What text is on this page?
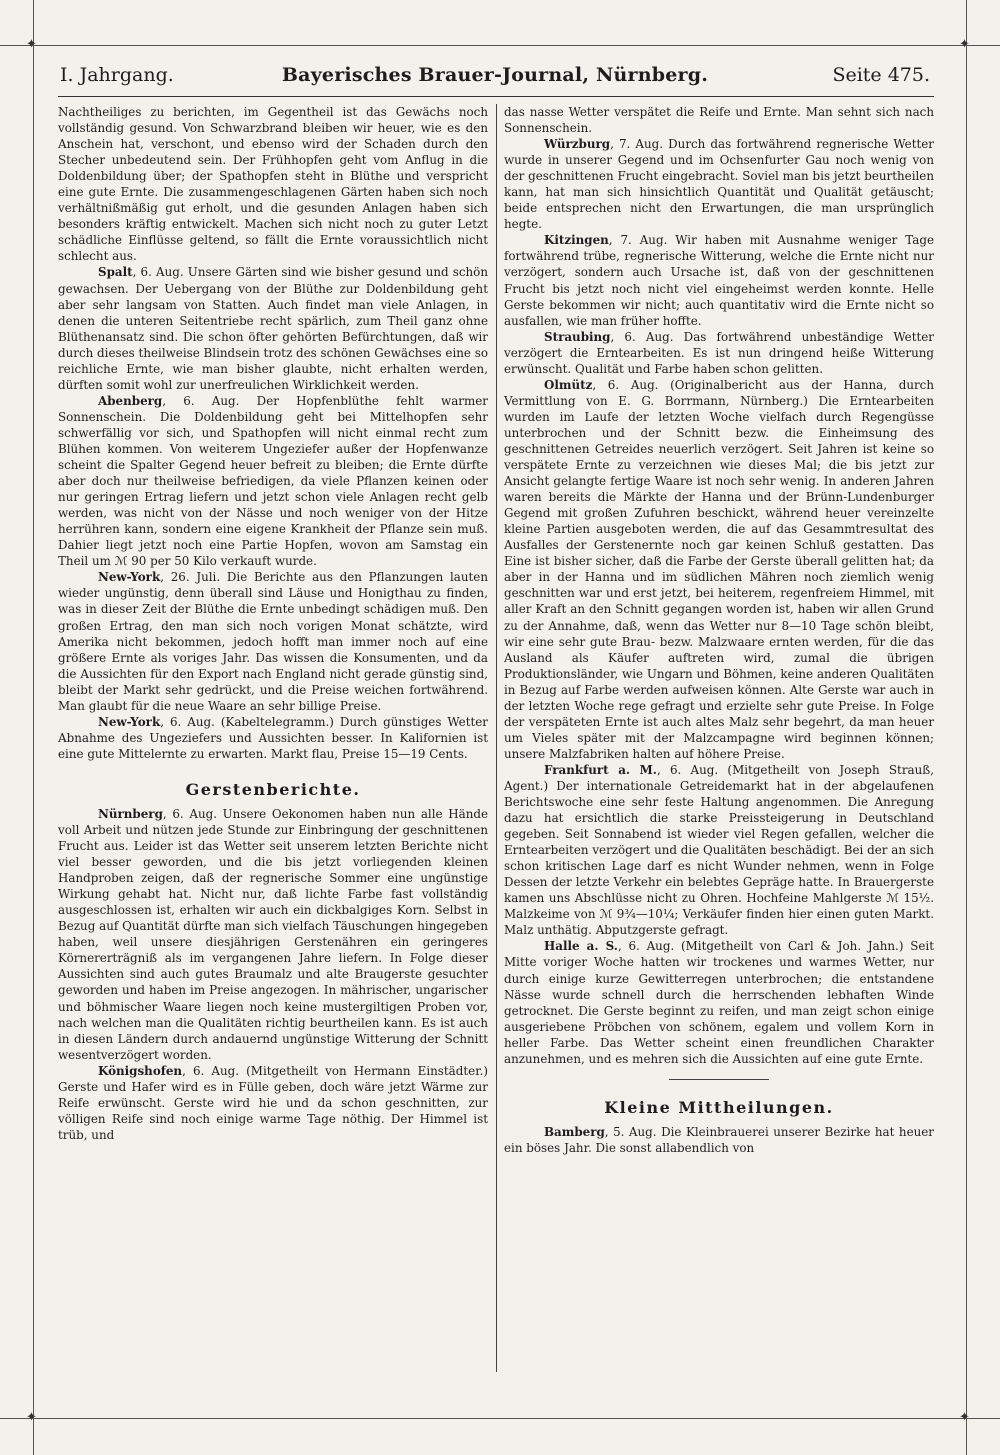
✦	✦
✦	✦
I. Jahrgang.	Bayerisches Brauer-Journal, Nürnberg.	Seite 475.

Nachtheiliges zu berichten, im Gegentheil ist das Gewächs noch vollständig gesund. Von Schwarzbrand bleiben wir heuer, wie es den Anschein hat, verschont, und ebenso wird der Schaden durch den Stecher unbedeutend sein. Der Frühhopfen geht vom Anflug in die Doldenbildung über; der Spathopfen steht in Blüthe und verspricht eine gute Ernte. Die zusammengeschlagenen Gärten haben sich noch verhältnißmäßig gut erholt, und die gesunden Anlagen haben sich besonders kräftig entwickelt. Machen sich nicht noch zu guter Letzt schädliche Einflüsse geltend, so fällt die Ernte voraussichtlich nicht schlecht aus.

Spalt, 6. Aug. Unsere Gärten sind wie bisher gesund und schön gewachsen. Der Uebergang von der Blüthe zur Doldenbildung geht aber sehr langsam von Statten. Auch findet man viele Anlagen, in denen die unteren Seitentriebe recht spärlich, zum Theil ganz ohne Blüthenansatz sind. Die schon öfter gehörten Befürchtungen, daß wir durch dieses theilweise Blindsein trotz des schönen Gewächses eine so reichliche Ernte, wie man bisher glaubte, nicht erhalten werden, dürften somit wohl zur unerfreulichen Wirklichkeit werden.

Abenberg, 6. Aug. Der Hopfenblüthe fehlt warmer Sonnenschein. Die Doldenbildung geht bei Mittelhopfen sehr schwerfällig vor sich, und Spathopfen will nicht einmal recht zum Blühen kommen. Von weiterem Ungeziefer außer der Hopfenwanze scheint die Spalter Gegend heuer befreit zu bleiben; die Ernte dürfte aber doch nur theilweise befriedigen, da viele Pflanzen keinen oder nur geringen Ertrag liefern und jetzt schon viele Anlagen recht gelb werden, was nicht von der Nässe und noch weniger von der Hitze herrühren kann, sondern eine eigene Krankheit der Pflanze sein muß. Dahier liegt jetzt noch eine Partie Hopfen, wovon am Samstag ein Theil um ℳ 90 per 50 Kilo verkauft wurde.

New-York, 26. Juli. Die Berichte aus den Pflanzungen lauten wieder ungünstig, denn überall sind Läuse und Honigthau zu finden, was in dieser Zeit der Blüthe die Ernte unbedingt schädigen muß. Den großen Ertrag, den man sich noch vorigen Monat schätzte, wird Amerika nicht bekommen, jedoch hofft man immer noch auf eine größere Ernte als voriges Jahr. Das wissen die Konsumenten, und da die Aussichten für den Export nach England nicht gerade günstig sind, bleibt der Markt sehr gedrückt, und die Preise weichen fortwährend. Man glaubt für die neue Waare an sehr billige Preise.

New-York, 6. Aug. (Kabeltelegramm.) Durch günstiges Wetter Abnahme des Ungeziefers und Aussichten besser. In Kalifornien ist eine gute Mittelernte zu erwarten. Markt flau, Preise 15—19 Cents.

Gerstenberichte.

Nürnberg, 6. Aug. Unsere Oekonomen haben nun alle Hände voll Arbeit und nützen jede Stunde zur Einbringung der geschnittenen Frucht aus. Leider ist das Wetter seit unserem letzten Berichte nicht viel besser geworden, und die bis jetzt vorliegenden kleinen Handproben zeigen, daß der regnerische Sommer eine ungünstige Wirkung gehabt hat. Nicht nur, daß lichte Farbe fast vollständig ausgeschlossen ist, erhalten wir auch ein dickbalgiges Korn. Selbst in Bezug auf Quantität dürfte man sich vielfach Täuschungen hingegeben haben, weil unsere diesjährigen Gerstenähren ein geringeres Körnererträgniß als im vergangenen Jahre liefern. In Folge dieser Aussichten sind auch gutes Braumalz und alte Braugerste gesuchter geworden und haben im Preise angezogen. In mährischer, ungarischer und böhmischer Waare liegen noch keine mustergiltigen Proben vor, nach welchen man die Qualitäten richtig beurtheilen kann. Es ist auch in diesen Ländern durch andauernd ungünstige Witterung der Schnitt wesentverzögert worden.

Königshofen, 6. Aug. (Mitgetheilt von Hermann Einstädter.) Gerste und Hafer wird es in Fülle geben, doch wäre jetzt Wärme zur Reife erwünscht. Gerste wird hie und da schon geschnitten, zur völligen Reife sind noch einige warme Tage nöthig. Der Himmel ist trüb, und

das nasse Wetter verspätet die Reife und Ernte. Man sehnt sich nach Sonnenschein.

Würzburg, 7. Aug. Durch das fortwährend regnerische Wetter wurde in unserer Gegend und im Ochsenfurter Gau noch wenig von der geschnittenen Frucht eingebracht. Soviel man bis jetzt beurtheilen kann, hat man sich hinsichtlich Quantität und Qualität getäuscht; beide entsprechen nicht den Erwartungen, die man ursprünglich hegte.

Kitzingen, 7. Aug. Wir haben mit Ausnahme weniger Tage fortwährend trübe, regnerische Witterung, welche die Ernte nicht nur verzögert, sondern auch Ursache ist, daß von der geschnittenen Frucht bis jetzt noch nicht viel eingeheimst werden konnte. Helle Gerste bekommen wir nicht; auch quantitativ wird die Ernte nicht so ausfallen, wie man früher hoffte.

Straubing, 6. Aug. Das fortwährend unbeständige Wetter verzögert die Erntearbeiten. Es ist nun dringend heiße Witterung erwünscht. Qualität und Farbe haben schon gelitten.

Olmütz, 6. Aug. (Originalbericht aus der Hanna, durch Vermittlung von E. G. Borrmann, Nürnberg.) Die Erntearbeiten wurden im Laufe der letzten Woche vielfach durch Regengüsse unterbrochen und der Schnitt bezw. die Einheimsung des geschnittenen Getreides neuerlich verzögert. Seit Jahren ist keine so verspätete Ernte zu verzeichnen wie dieses Mal; die bis jetzt zur Ansicht gelangte fertige Waare ist noch sehr wenig. In anderen Jahren waren bereits die Märkte der Hanna und der Brünn-Lundenburger Gegend mit großen Zufuhren beschickt, während heuer vereinzelte kleine Partien ausgeboten werden, die auf das Gesammtresultat des Ausfalles der Gerstenernte noch gar keinen Schluß gestatten. Das Eine ist bisher sicher, daß die Farbe der Gerste überall gelitten hat; da aber in der Hanna und im südlichen Mähren noch ziemlich wenig geschnitten war und erst jetzt, bei heiterem, regenfreiem Himmel, mit aller Kraft an den Schnitt gegangen worden ist, haben wir allen Grund zu der Annahme, daß, wenn das Wetter nur 8—10 Tage schön bleibt, wir eine sehr gute Brau- bezw. Malzwaare ernten werden, für die das Ausland als Käufer auftreten wird, zumal die übrigen Produktionsländer, wie Ungarn und Böhmen, keine anderen Qualitäten in Bezug auf Farbe werden aufweisen können. Alte Gerste war auch in der letzten Woche rege gefragt und erzielte sehr gute Preise. In Folge der verspäteten Ernte ist auch altes Malz sehr begehrt, da man heuer um Vieles später mit der Malzcampagne wird beginnen können; unsere Malzfabriken halten auf höhere Preise.

Frankfurt a. M., 6. Aug. (Mitgetheilt von Joseph Strauß, Agent.) Der internationale Getreidemarkt hat in der abgelaufenen Berichtswoche eine sehr feste Haltung angenommen. Die Anregung dazu hat ersichtlich die starke Preissteigerung in Deutschland gegeben. Seit Sonnabend ist wieder viel Regen gefallen, welcher die Erntearbeiten verzögert und die Qualitäten beschädigt. Bei der an sich schon kritischen Lage darf es nicht Wunder nehmen, wenn in Folge Dessen der letzte Verkehr ein belebtes Gepräge hatte. In Brauergerste kamen uns Abschlüsse nicht zu Ohren. Hochfeine Mahlgerste ℳ 15½. Malzkeime von ℳ 9¾—10¼; Verkäufer finden hier einen guten Markt. Malz unthätig. Abputzgerste gefragt.

Halle a. S., 6. Aug. (Mitgetheilt von Carl & Joh. Jahn.) Seit Mitte voriger Woche hatten wir trockenes und warmes Wetter, nur durch einige kurze Gewitterregen unterbrochen; die entstandene Nässe wurde schnell durch die herrschenden lebhaften Winde getrocknet. Die Gerste beginnt zu reifen, und man zeigt schon einige ausgeriebene Pröbchen von schönem, egalem und vollem Korn in heller Farbe. Das Wetter scheint einen freundlichen Charakter anzunehmen, und es mehren sich die Aussichten auf eine gute Ernte.

Kleine Mittheilungen.

Bamberg, 5. Aug. Die Kleinbrauerei unserer Bezirke hat heuer ein böses Jahr. Die sonst allabendlich von
